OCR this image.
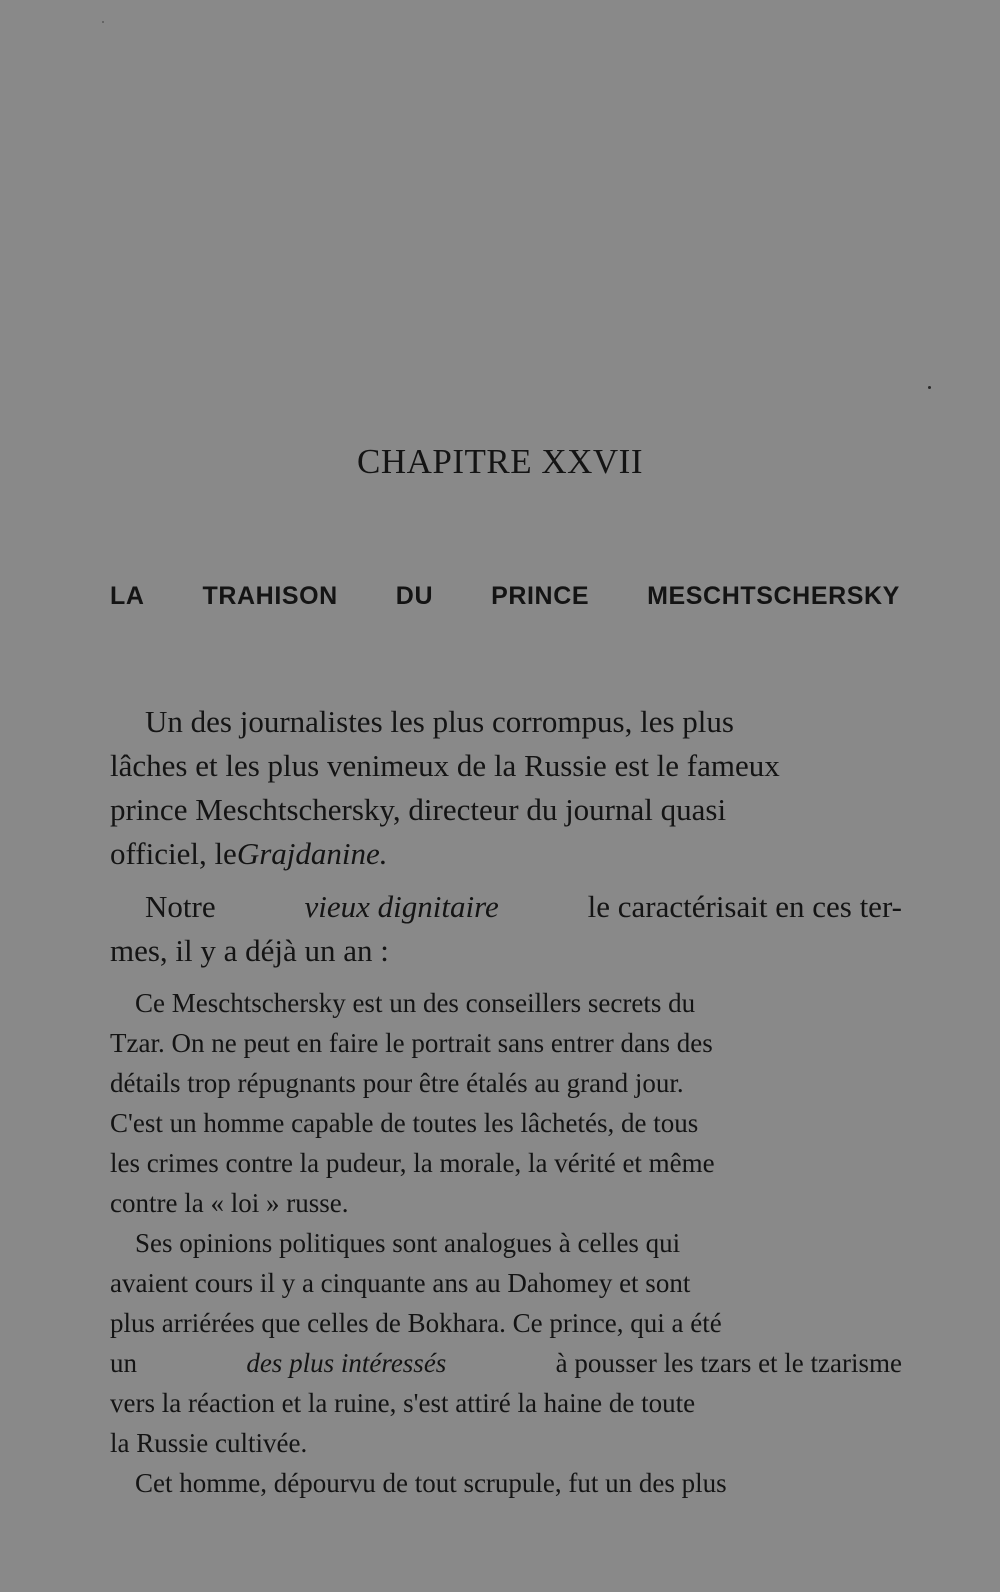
CHAPITRE XXVII
LA TRAHISON DU PRINCE MESCHTSCHERSKY

Un des journalistes les plus corrompus, les plus

lâches et les plus venimeux de la Russie est le fameux

prince Meschtschersky, directeur du journal quasi

officiel, le Grajdanine.

Notre	vieux dignitaire	le caractérisait en ces ter-

mes, il y a déjà un an :

Ce Meschtschersky est un des conseillers secrets du

Tzar. On ne peut en faire le portrait sans entrer dans des

détails trop répugnants pour être étalés au grand jour.

C'est un homme capable de toutes les lâchetés, de tous

les crimes contre la pudeur, la morale, la vérité et même

contre la « loi » russe.

Ses opinions politiques sont analogues à celles qui

avaient cours il y a cinquante ans au Dahomey et sont

plus arriérées que celles de Bokhara. Ce prince, qui a été

un	des plus intéressés	à pousser les tzars et le tzarisme

vers la réaction et la ruine, s'est attiré la haine de toute

la Russie cultivée.

Cet homme, dépourvu de tout scrupule, fut un des plus
